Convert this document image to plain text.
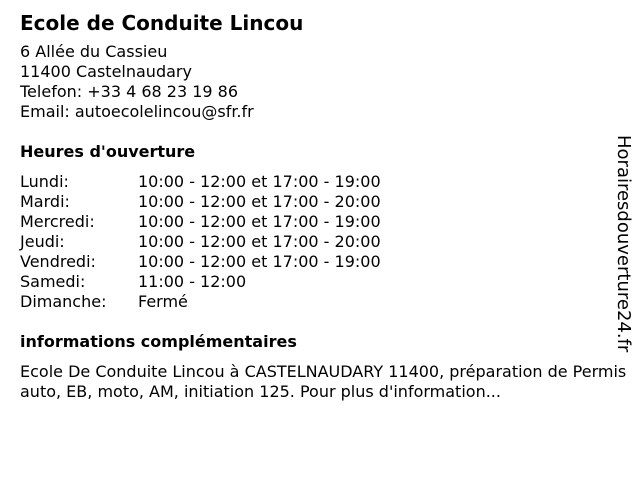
Ecole de Conduite Lincou
6 Allée du Cassieu
11400 Castelnaudary
Telefon: +33 4 68 23 19 86
Email: autoecolelincou@sfr.fr
Heures d'ouverture
Lundi:	10:00 - 12:00 et 17:00 - 19:00
Mardi:	10:00 - 12:00 et 17:00 - 20:00
Mercredi:	10:00 - 12:00 et 17:00 - 19:00
Jeudi:	10:00 - 12:00 et 17:00 - 20:00
Vendredi:	10:00 - 12:00 et 17:00 - 19:00
Samedi:	11:00 - 12:00
Dimanche: Fermé
informations complémentaires
Ecole De Conduite Lincou à CASTELNAUDARY 11400, préparation de Permis auto, EB, moto, AM, initiation 125. Pour plus d'information...
Horairesdouverture24.fr
